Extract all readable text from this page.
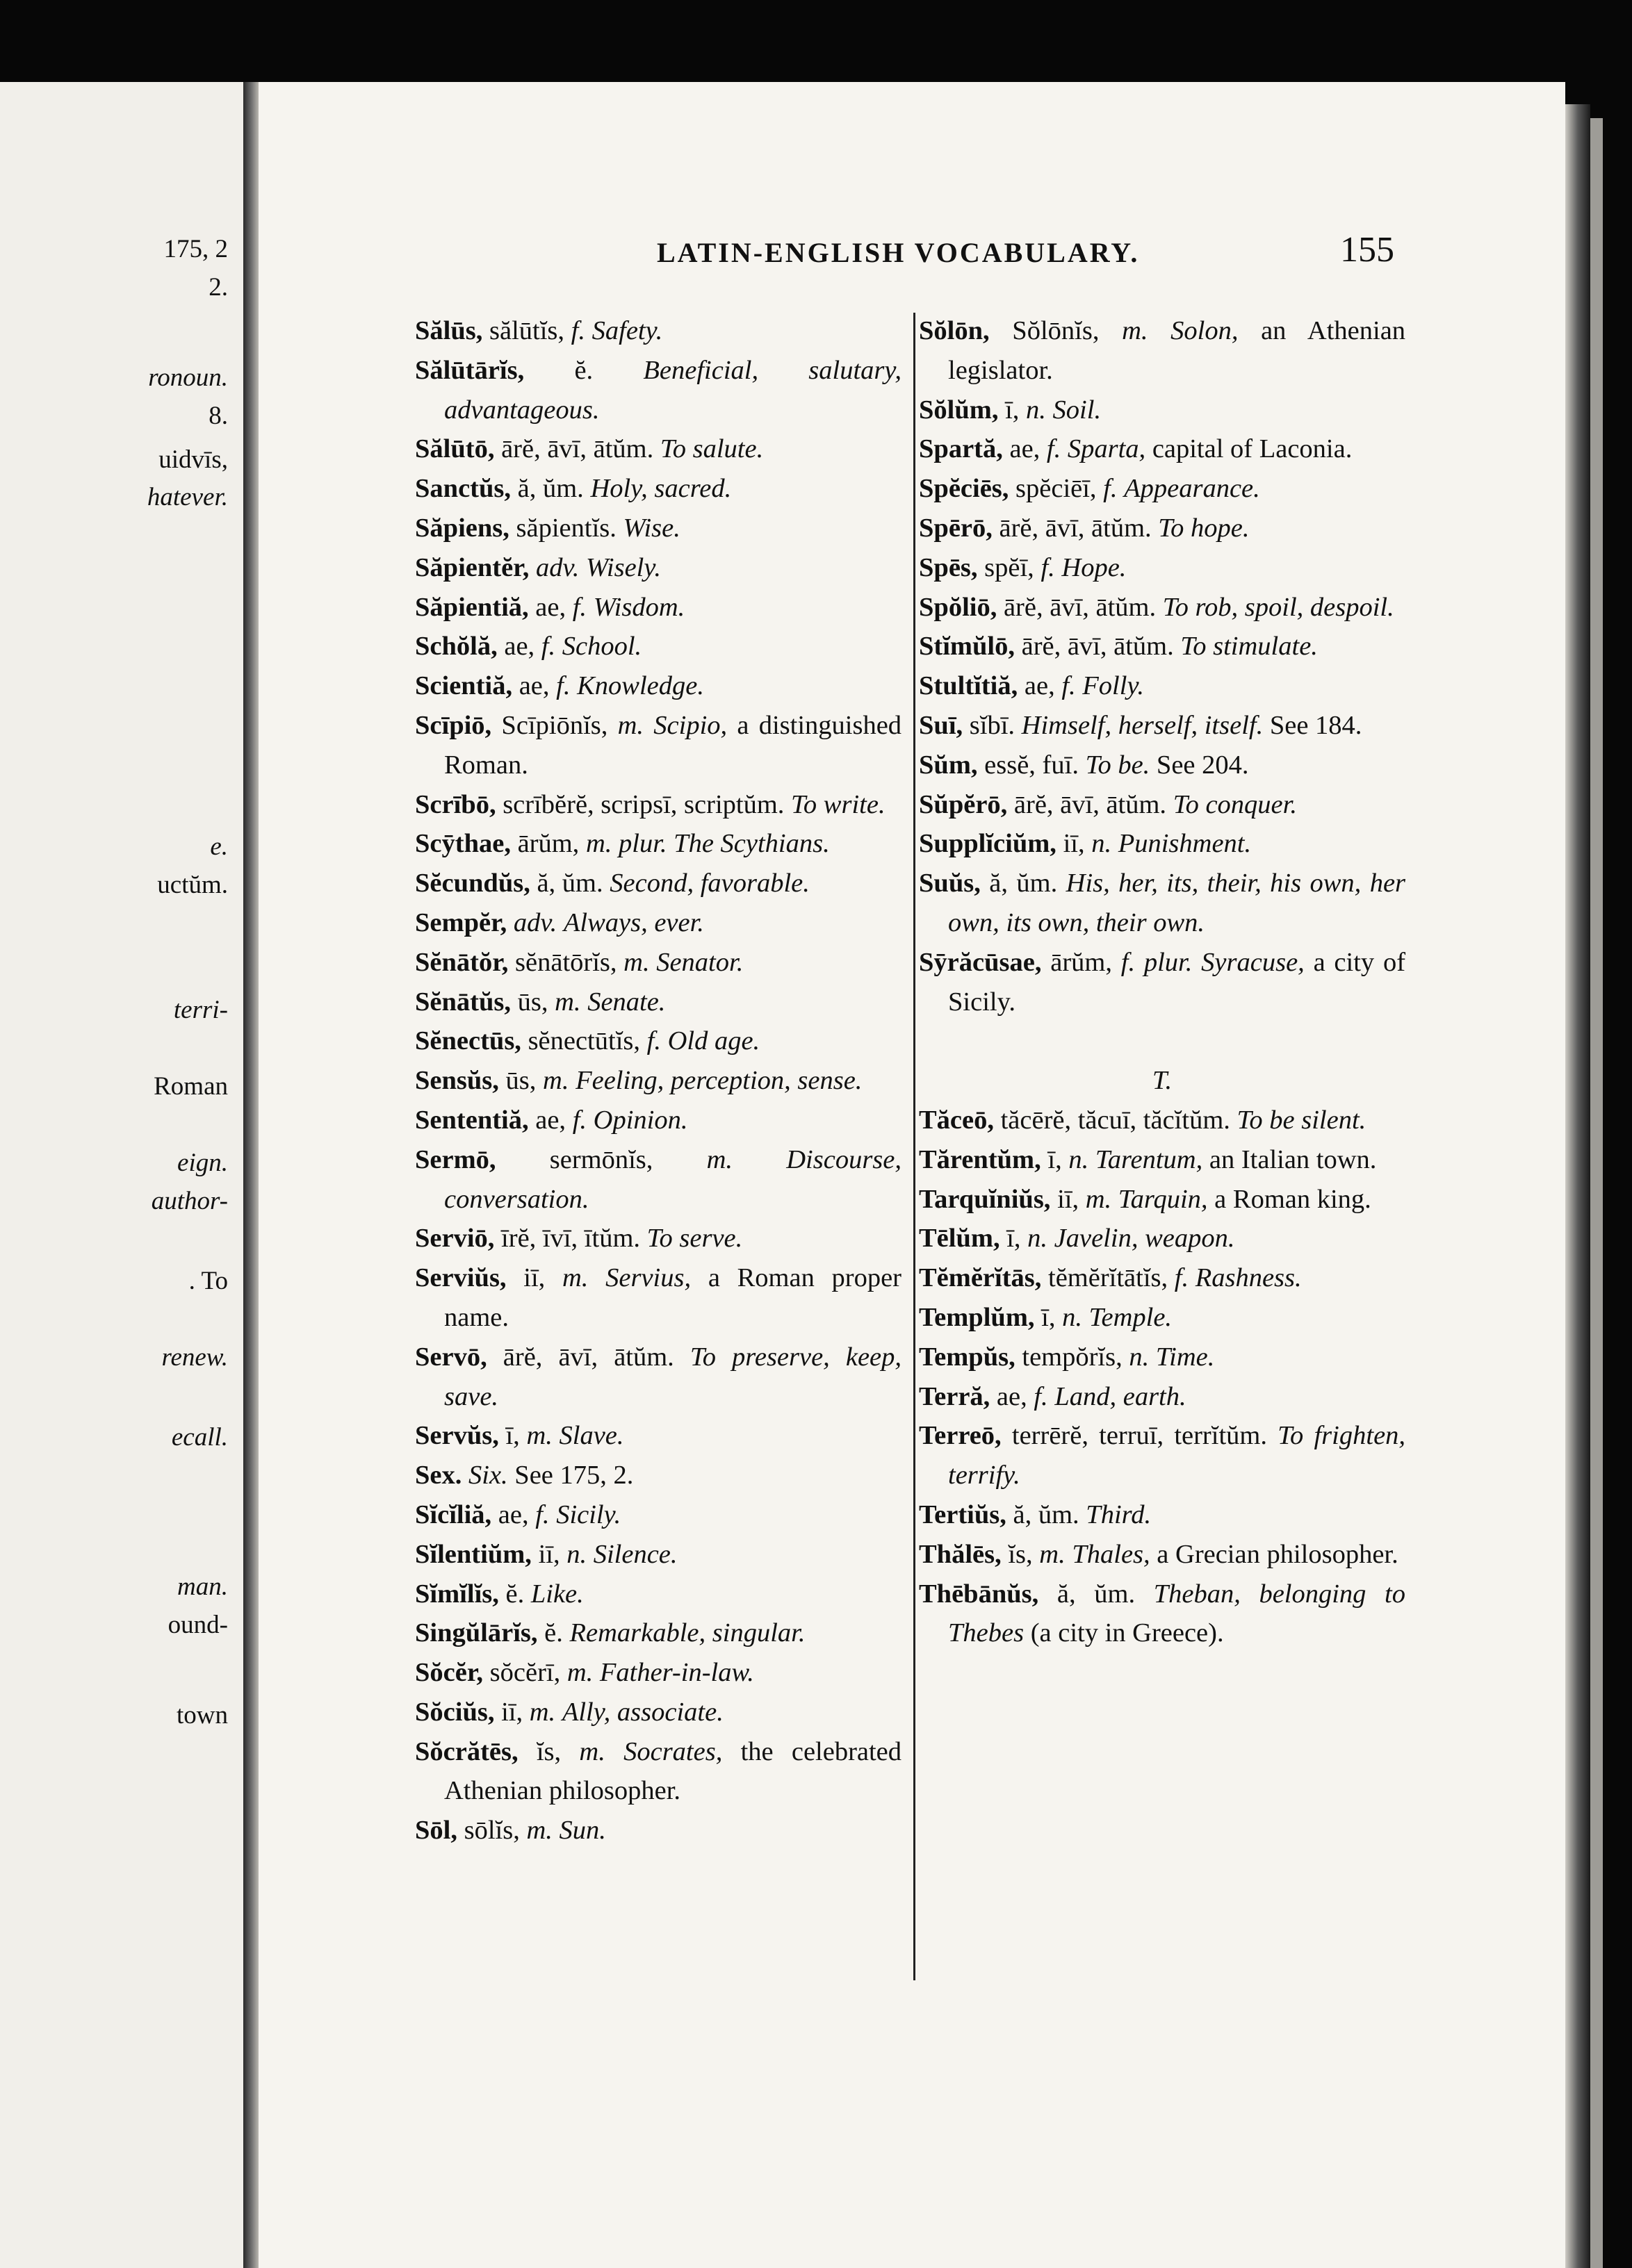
175, 2
2.
ronoun.
8.
uidvīs,
hatever.
e.
uctŭm.
terri-
Roman
eign.
author-
. To
renew.
ecall.
man.
ound-
town
LATIN-ENGLISH VOCABULARY.	155
Sălūs, sălūtĭs, f. Safety.
Sălūtārĭs, ĕ. Beneficial, salutary, advantageous.
Sălūtō, ārĕ, āvī, ātŭm. To salute.
Sanctŭs, ă, ŭm. Holy, sacred.
Săpiens, săpientĭs. Wise.
Săpientĕr, adv. Wisely.
Săpientiă, ae, f. Wisdom.
Schŏlă, ae, f. School.
Scientiă, ae, f. Knowledge.
Scīpiō, Scīpiōnĭs, m. Scipio, a distinguished Roman.
Scrībō, scrībĕrĕ, scripsī, scriptŭm. To write.
Scȳthae, ārŭm, m. plur. The Scythians.
Sĕcundŭs, ă, ŭm. Second, favorable.
Sempĕr, adv. Always, ever.
Sĕnātŏr, sĕnātōrĭs, m. Senator.
Sĕnātŭs, ūs, m. Senate.
Sĕnectūs, sĕnectūtĭs, f. Old age.
Sensŭs, ūs, m. Feeling, perception, sense.
Sententiă, ae, f. Opinion.
Sermō, sermōnĭs, m. Discourse, conversation.
Serviō, īrĕ, īvī, ītŭm. To serve.
Serviŭs, iī, m. Servius, a Roman proper name.
Servō, ārĕ, āvī, ātŭm. To preserve, keep, save.
Servŭs, ī, m. Slave.
Sex. Six. See 175, 2.
Sĭcĭliă, ae, f. Sicily.
Sĭlentiŭm, iī, n. Silence.
Sĭmĭlĭs, ĕ. Like.
Singŭlārĭs, ĕ. Remarkable, singular.
Sŏcĕr, sŏcĕrī, m. Father-in-law.
Sŏciŭs, iī, m. Ally, associate.
Sŏcrătēs, ĭs, m. Socrates, the celebrated Athenian philosopher.
Sōl, sōlĭs, m. Sun.
Sŏlōn, Sŏlōnĭs, m. Solon, an Athenian legislator.
Sŏlŭm, ī, n. Soil.
Spartă, ae, f. Sparta, capital of Laconia.
Spĕciēs, spĕciēī, f. Appearance.
Spērō, ārĕ, āvī, ātŭm. To hope.
Spēs, spĕī, f. Hope.
Spŏliō, ārĕ, āvī, ātŭm. To rob, spoil, despoil.
Stĭmŭlō, ārĕ, āvī, ātŭm. To stimulate.
Stultĭtiă, ae, f. Folly.
Suī, sĭbī. Himself, herself, itself. See 184.
Sŭm, essĕ, fuī. To be. See 204.
Sŭpĕrō, ārĕ, āvī, ātŭm. To conquer.
Supplĭciŭm, iī, n. Punishment.
Suŭs, ă, ŭm. His, her, its, their, his own, her own, its own, their own.
Sȳrăcūsae, ārŭm, f. plur. Syracuse, a city of Sicily.
T.
Tăceō, tăcērĕ, tăcuī, tăcĭtŭm. To be silent.
Tărentŭm, ī, n. Tarentum, an Italian town.
Tarquĭniŭs, iī, m. Tarquin, a Roman king.
Tēlŭm, ī, n. Javelin, weapon.
Tĕmĕrĭtās, tĕmĕrĭtātĭs, f. Rashness.
Templŭm, ī, n. Temple.
Tempŭs, tempŏrĭs, n. Time.
Terră, ae, f. Land, earth.
Terreō, terrērĕ, terruī, terrĭtŭm. To frighten, terrify.
Tertiŭs, ă, ŭm. Third.
Thălēs, ĭs, m. Thales, a Grecian philosopher.
Thēbānŭs, ă, ŭm. Theban, belonging to Thebes (a city in Greece).
